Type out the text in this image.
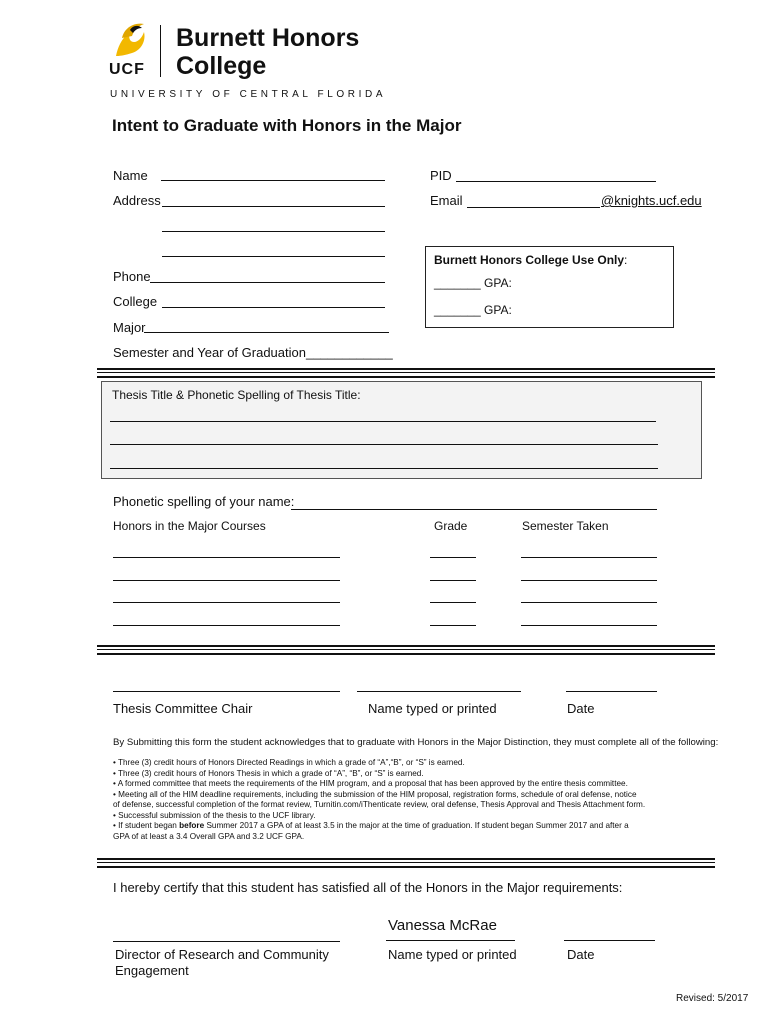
UCF
Burnett Honors
College
UNIVERSITY OF CENTRAL FLORIDA
Intent to Graduate with Honors in the Major
Name
Address
Phone
College
Major
Semester and Year of Graduation____________
PID
Email	@knights.ucf.edu
Burnett Honors College Use Only:
_______ GPA:
_______ GPA:
Thesis Title & Phonetic Spelling of Thesis Title:
Phonetic spelling of your name:
Honors in the Major Courses	Grade	Semester Taken
Thesis Committee Chair	Name typed or printed	Date
By Submitting this form the student acknowledges that to graduate with Honors in the Major Distinction, they must complete all of the following:
• Three (3) credit hours of Honors Directed Readings in which a grade of “A”,“B”, or “S” is earned.
• Three (3) credit hours of Honors Thesis in which a grade of “A”, “B”, or “S” is earned.
• A formed committee that meets the requirements of the HIM program, and a proposal that has been approved by the entire thesis committee.
• Meeting all of the HIM deadline requirements, including the submission of the HIM proposal, registration forms, schedule of oral defense, notice
of defense, successful completion of the format review, Turnitin.com/iThenticate review, oral defense, Thesis Approval and Thesis Attachment form.
• Successful submission of the thesis to the UCF library.
• If student began before Summer 2017 a GPA of at least 3.5 in the major at the time of graduation. If student began Summer 2017 and after a
GPA of at least a 3.4 Overall GPA and 3.2 UCF GPA.
I hereby certify that this student has satisfied all of the Honors in the Major requirements:
Vanessa McRae
Director of Research and Community
Engagement
Name typed or printed	Date
Revised: 5/2017
